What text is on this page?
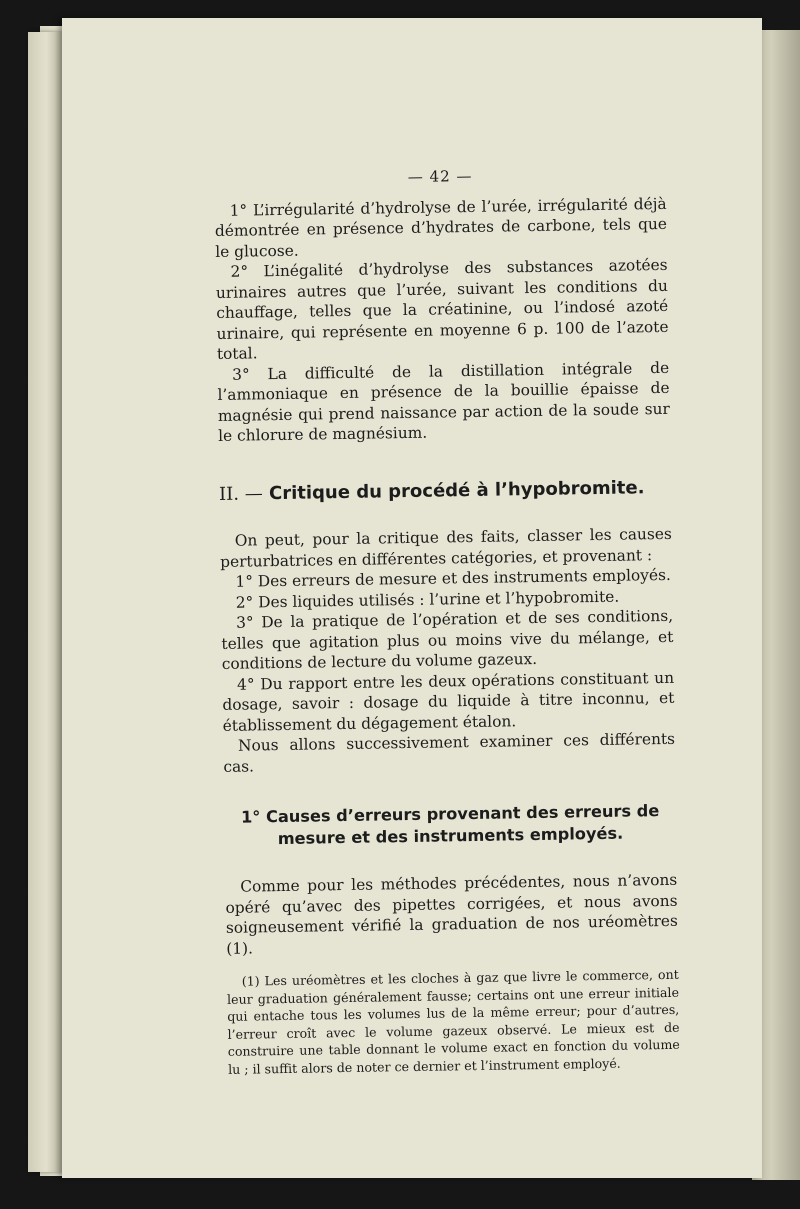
— 42 —

1° L’irrégularité d’hydrolyse de l’urée, irrégularité déjà démontrée en présence d’hydrates de carbone, tels que le glucose.

2° L’inégalité d’hydrolyse des substances azotées urinaires autres que l’urée, suivant les conditions du chauffage, telles que la créatinine, ou l’indosé azoté urinaire, qui représente en moyenne 6 p. 100 de l’azote total.

3° La difficulté de la distillation intégrale de l’ammoniaque en présence de la bouillie épaisse de magnésie qui prend naissance par action de la soude sur le chlorure de magnésium.

II. — Critique du procédé à l’hypobromite.

On peut, pour la critique des faits, classer les causes perturbatrices en différentes catégories, et provenant :

1° Des erreurs de mesure et des instruments employés.

2° Des liquides utilisés : l’urine et l’hypobromite.

3° De la pratique de l’opération et de ses conditions, telles que agitation plus ou moins vive du mélange, et conditions de lecture du volume gazeux.

4° Du rapport entre les deux opérations constituant un dosage, savoir : dosage du liquide à titre inconnu, et établissement du dégagement étalon.

Nous allons successivement examiner ces différents cas.

1° Causes d’erreurs provenant des erreurs de
mesure et des instruments employés.

Comme pour les méthodes précédentes, nous n’avons opéré qu’avec des pipettes corrigées, et nous avons soigneusement vérifié la graduation de nos uréomètres (1).

(1) Les uréomètres et les cloches à gaz que livre le commerce, ont leur graduation généralement fausse; certains ont une erreur initiale qui entache tous les volumes lus de la même erreur; pour d’autres, l’erreur croît avec le volume gazeux observé. Le mieux est de construire une table donnant le volume exact en fonction du volume lu ; il suffit alors de noter ce dernier et l’instrument employé.
